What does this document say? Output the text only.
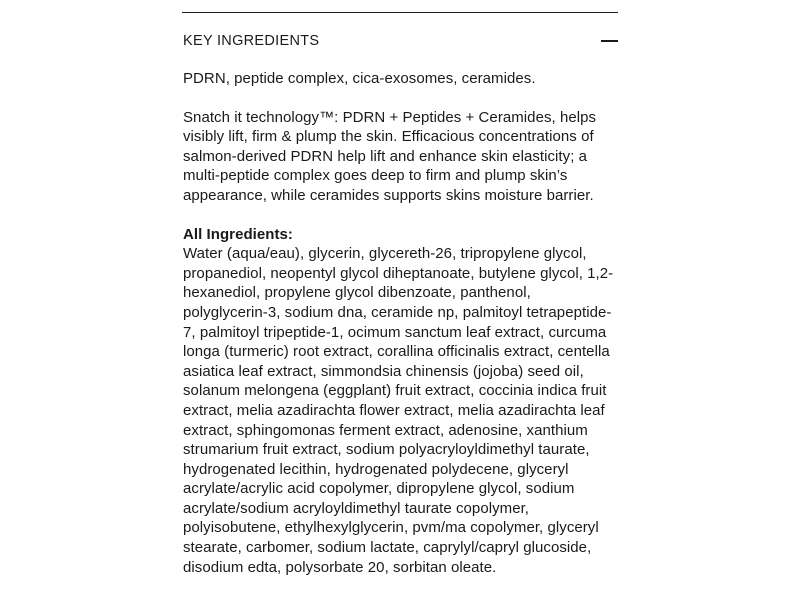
KEY INGREDIENTS

PDRN, peptide complex, cica-exosomes, ceramides.

Snatch it technology™: PDRN + Peptides + Ceramides, helps visibly lift, firm & plump the skin. Efficacious concentrations of salmon-derived PDRN help lift and enhance skin elasticity; a multi-peptide complex goes deep to firm and plump skin’s appearance, while ceramides supports skins moisture barrier.

All Ingredients:

Water (aqua/eau), glycerin, glycereth-26, tripropylene glycol, propanediol, neopentyl glycol diheptanoate, butylene glycol, 1,2-hexanediol, propylene glycol dibenzoate, panthenol, polyglycerin-3, sodium dna, ceramide np, palmitoyl tetrapeptide-7, palmitoyl tripeptide-1, ocimum sanctum leaf extract, curcuma longa (turmeric) root extract, corallina officinalis extract, centella asiatica leaf extract, simmondsia chinensis (jojoba) seed oil, solanum melongena (eggplant) fruit extract, coccinia indica fruit extract, melia azadirachta flower extract, melia azadirachta leaf extract, sphingomonas ferment extract, adenosine, xanthium strumarium fruit extract, sodium polyacryloyldimethyl taurate, hydrogenated lecithin, hydrogenated polydecene, glyceryl acrylate/acrylic acid copolymer, dipropylene glycol, sodium acrylate/sodium acryloyldimethyl taurate copolymer, polyisobutene, ethylhexylglycerin, pvm/ma copolymer, glyceryl stearate, carbomer, sodium lactate, caprylyl/capryl glucoside, disodium edta, polysorbate 20, sorbitan oleate.
